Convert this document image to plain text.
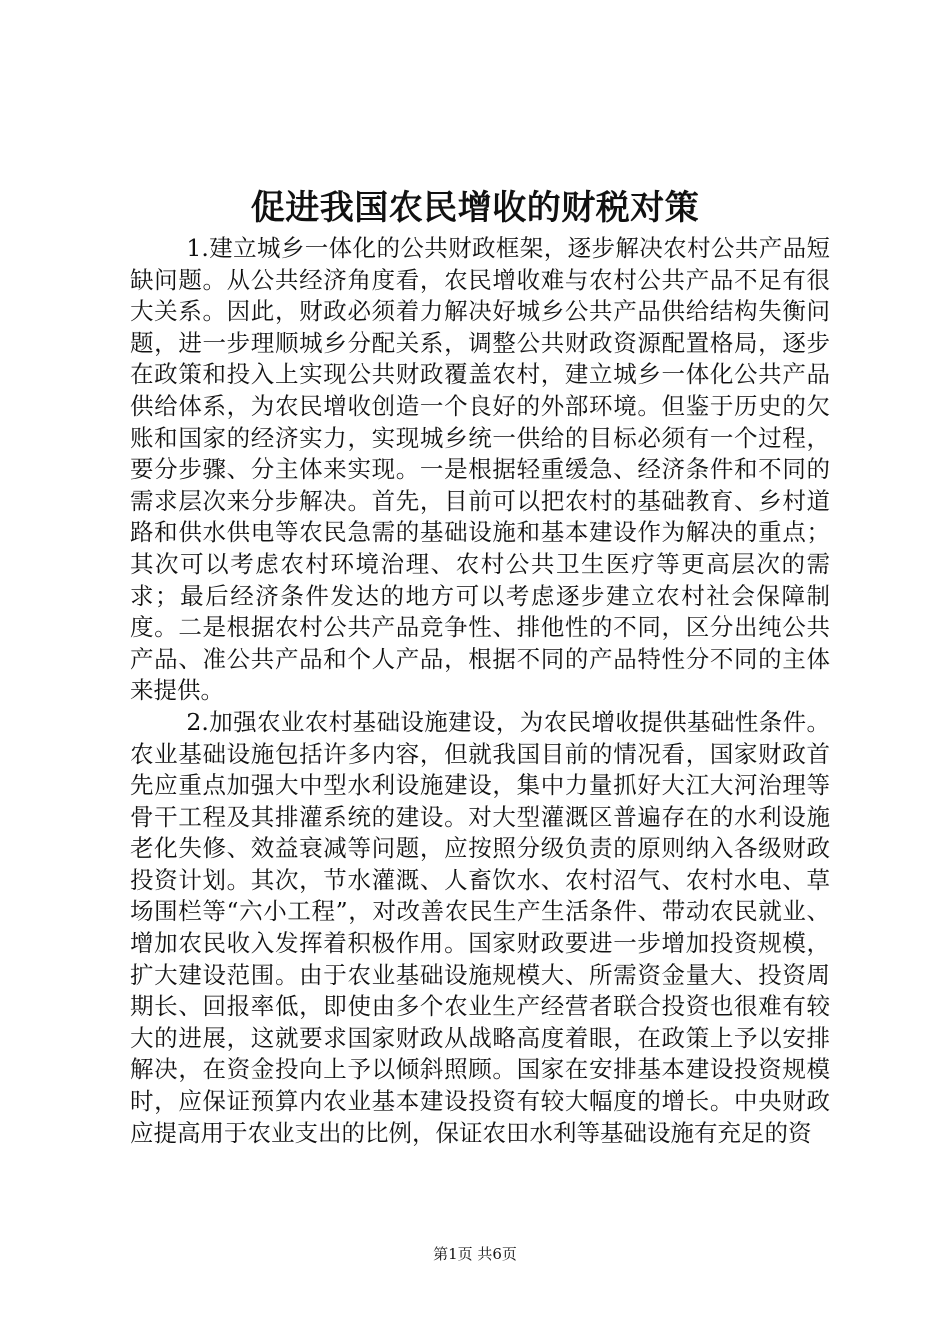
促进我国农民增收的财税对策

1.建立城乡一体化的公共财政框架，逐步解决农村公共产品短缺问题。从公共经济角度看，农民增收难与农村公共产品不足有很大关系。因此，财政必须着力解决好城乡公共产品供给结构失衡问题，进一步理顺城乡分配关系，调整公共财政资源配置格局，逐步在政策和投入上实现公共财政覆盖农村，建立城乡一体化公共产品供给体系，为农民增收创造一个良好的外部环境。但鉴于历史的欠账和国家的经济实力，实现城乡统一供给的目标必须有一个过程，要分步骤、分主体来实现。一是根据轻重缓急、经济条件和不同的需求层次来分步解决。首先，目前可以把农村的基础教育、乡村道路和供水供电等农民急需的基础设施和基本建设作为解决的重点；其次可以考虑农村环境治理、农村公共卫生医疗等更高层次的需求；最后经济条件发达的地方可以考虑逐步建立农村社会保障制度。二是根据农村公共产品竞争性、排他性的不同，区分出纯公共产品、准公共产品和个人产品，根据不同的产品特性分不同的主体来提供。

2.加强农业农村基础设施建设，为农民增收提供基础性条件。农业基础设施包括许多内容，但就我国目前的情况看，国家财政首先应重点加强大中型水利设施建设，集中力量抓好大江大河治理等骨干工程及其排灌系统的建设。对大型灌溉区普遍存在的水利设施老化失修、效益衰减等问题，应按照分级负责的原则纳入各级财政投资计划。其次，节水灌溉、人畜饮水、农村沼气、农村水电、草场围栏等“六小工程”，对改善农民生产生活条件、带动农民就业、增加农民收入发挥着积极作用。国家财政要进一步增加投资规模，扩大建设范围。由于农业基础设施规模大、所需资金量大、投资周期长、回报率低，即使由多个农业生产经营者联合投资也很难有较大的进展，这就要求国家财政从战略高度着眼，在政策上予以安排解决，在资金投向上予以倾斜照顾。国家在安排基本建设投资规模时，应保证预算内农业基本建设投资有较大幅度的增长。中央财政应提高用于农业支出的比例，保证农田水利等基础设施有充足的资

第1页 共6页
